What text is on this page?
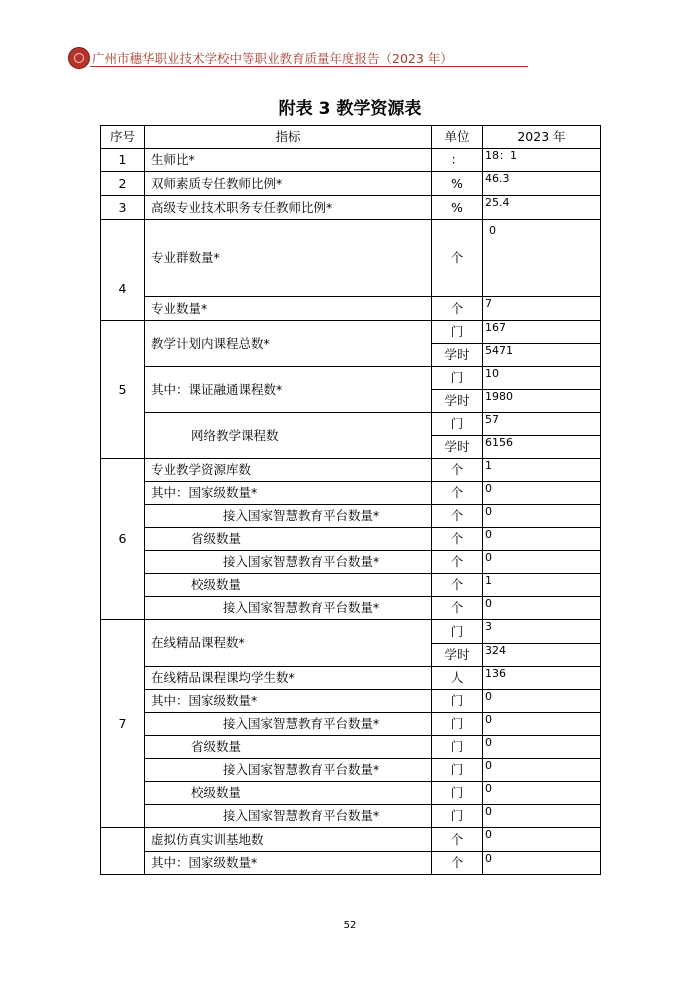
广州市穗华职业技术学校中等职业教育质量年度报告（2023 年）
附表 3 教学资源表
序号	指标	单位	2023 年
1	生师比*	：	18：1
2	双师素质专任教师比例*	%	46.3
3	高级专业技术职务专任教师比例*	%	25.4
4	专业群数量*	个	0
	专业数量*	个	7
5	教学计划内课程总数*	门	167
		学时	5471
	其中：课证融通课程数*	门	10
		学时	1980
	网络教学课程数	门	57
		学时	6156
6	专业教学资源库数	个	1
	其中：国家级数量*	个	0
	接入国家智慧教育平台数量*	个	0
	省级数量	个	0
	接入国家智慧教育平台数量*	个	0
	校级数量	个	1
	接入国家智慧教育平台数量*	个	0
7	在线精品课程数*	门	3
		学时	324
	在线精品课程课均学生数*	人	136
	其中：国家级数量*	门	0
	接入国家智慧教育平台数量*	门	0
	省级数量	门	0
	接入国家智慧教育平台数量*	门	0
	校级数量	门	0
	接入国家智慧教育平台数量*	门	0
	虚拟仿真实训基地数	个	0
	其中：国家级数量*	个	0
52
